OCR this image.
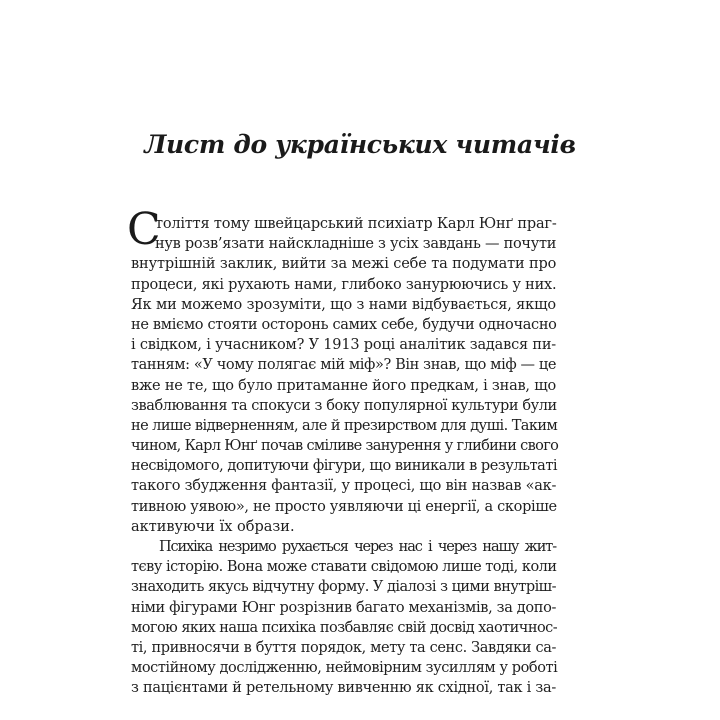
Лист до українських читачів
С
толіття тому швейцарський психіатр Карл Юнґ праг-
нув розв’язати найскладніше з усіх завдань — почути
внутрішній заклик, вийти за межі себе та подумати про
процеси, які рухають нами, глибоко занурюючись у них.
Як ми можемо зрозуміти, що з нами відбувається, якщо
не вміємо стояти осторонь самих себе, будучи одночасно
і свідком, і учасником? У 1913 році аналітик задався пи-
танням: «У чому полягає мій міф»? Він знав, що міф — це
вже не те, що було притаманне його предкам, і знав, що
зваблювання та спокуси з боку популярної культури були
не лише відверненням, але й презирством для душі. Таким
чином, Карл Юнґ почав сміливе занурення у глибини свого
несвідомого, допитуючи фігури, що виникали в результаті
такого збудження фантазії, у процесі, що він назвав «ак-
тивною уявою», не просто уявляючи ці енергії, а скоріше
активуючи їх образи.
Психіка незримо рухається через нас і через нашу жит-
тєву історію. Вона може ставати свідомою лише тоді, коли
знаходить якусь відчутну форму. У діалозі з цими внутріш-
німи фігурами Юнг розрізнив багато механізмів, за допо-
могою яких наша психіка позбавляє свій досвід хаотичнос-
ті, привносячи в буття порядок, мету та сенс. Завдяки са-
мостійному дослідженню, неймовірним зусиллям у роботі
з пацієнтами й ретельному вивченню як східної, так і за-
